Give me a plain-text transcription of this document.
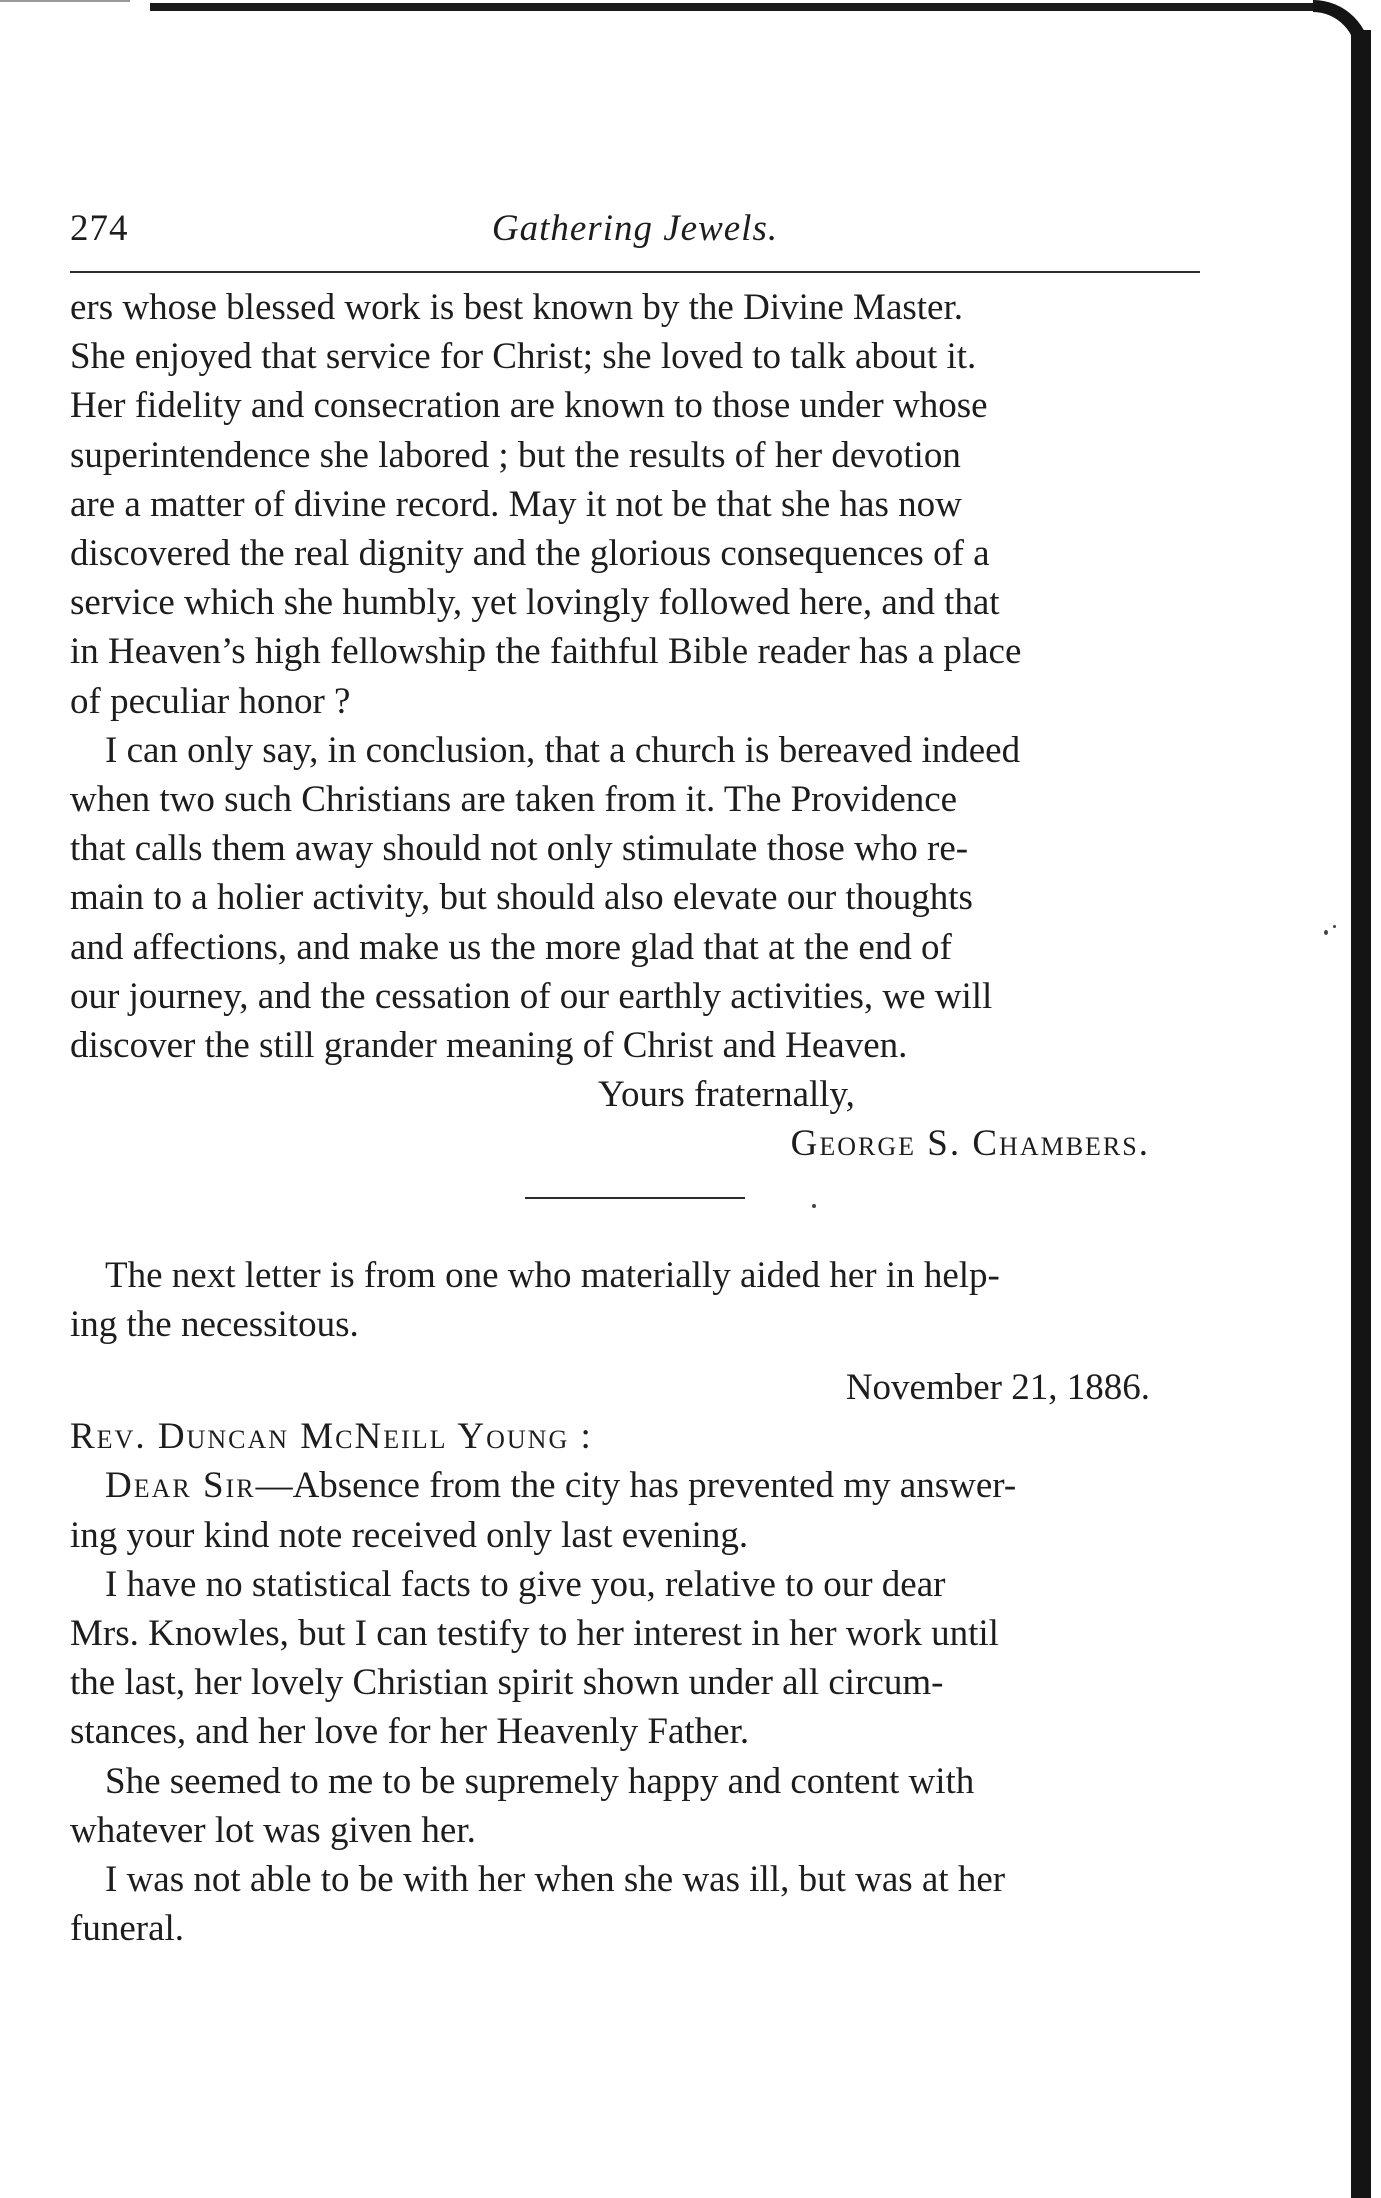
274	Gathering Jewels.

ers whose blessed work is best known by the Divine Master.
She enjoyed that service for Christ; she loved to talk about it.
Her fidelity and consecration are known to those under whose
superintendence she labored ; but the results of her devotion
are a matter of divine record. May it not be that she has now
discovered the real dignity and the glorious consequences of a
service which she humbly, yet lovingly followed here, and that
in Heaven’s high fellowship the faithful Bible reader has a place
of peculiar honor ?

I can only say, in conclusion, that a church is bereaved indeed
when two such Christians are taken from it. The Providence
that calls them away should not only stimulate those who re-
main to a holier activity, but should also elevate our thoughts
and affections, and make us the more glad that at the end of
our journey, and the cessation of our earthly activities, we will
discover the still grander meaning of Christ and Heaven.

Yours fraternally,

George S. Chambers.

The next letter is from one who materially aided her in help-
ing the necessitous.

November 21, 1886.

Rev. Duncan McNeill Young :

Dear Sir—Absence from the city has prevented my answer-
ing your kind note received only last evening.

I have no statistical facts to give you, relative to our dear
Mrs. Knowles, but I can testify to her interest in her work until
the last, her lovely Christian spirit shown under all circum-
stances, and her love for her Heavenly Father.

She seemed to me to be supremely happy and content with
whatever lot was given her.

I was not able to be with her when she was ill, but was at her
funeral.
